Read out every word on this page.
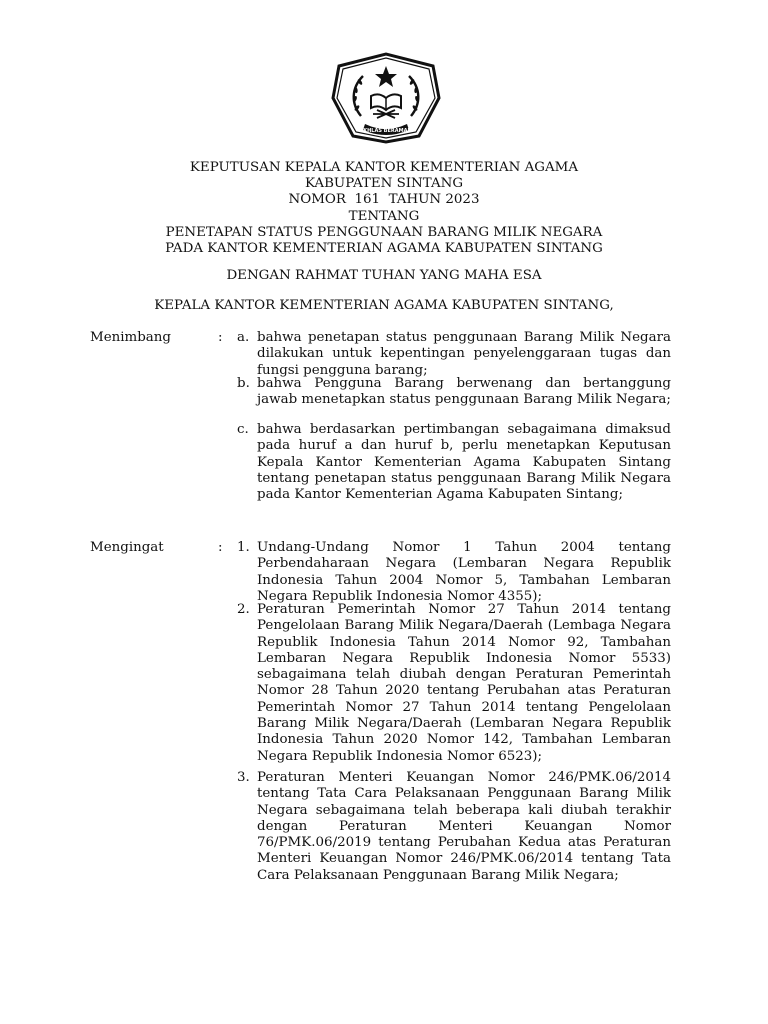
IKHLAS BERAMAL
KEPUTUSAN KEPALA KANTOR KEMENTERIAN AGAMA
KABUPATEN SINTANG
NOMOR  161  TAHUN 2023
TENTANG
PENETAPAN STATUS PENGGUNAAN BARANG MILIK NEGARA
PADA KANTOR KEMENTERIAN AGAMA KABUPATEN SINTANG
DENGAN RAHMAT TUHAN YANG MAHA ESA
KEPALA KANTOR KEMENTERIAN AGAMA KABUPATEN SINTANG,
Menimbang	: a. bahwa penetapan status penggunaan Barang Milik Negara dilakukan untuk kepentingan penyelenggaraan tugas dan fungsi pengguna barang;
b. bahwa Pengguna Barang berwenang dan bertanggung jawab menetapkan status penggunaan Barang Milik Negara;
c. bahwa berdasarkan pertimbangan sebagaimana dimaksud pada huruf a dan huruf b, perlu menetapkan Keputusan Kepala Kantor Kementerian Agama Kabupaten Sintang tentang penetapan status penggunaan Barang Milik Negara pada Kantor Kementerian Agama Kabupaten Sintang;
Mengingat	: 1. Undang-Undang Nomor 1 Tahun 2004 tentang Perbendaharaan Negara (Lembaran Negara Republik Indonesia Tahun 2004 Nomor 5, Tambahan Lembaran Negara Republik Indonesia Nomor 4355);
2. Peraturan Pemerintah Nomor 27 Tahun 2014 tentang Pengelolaan Barang Milik Negara/Daerah (Lembaga Negara Republik Indonesia Tahun 2014 Nomor 92, Tambahan Lembaran Negara Republik Indonesia Nomor 5533) sebagaimana telah diubah dengan Peraturan Pemerintah Nomor 28 Tahun 2020 tentang Perubahan atas Peraturan Pemerintah Nomor 27 Tahun 2014 tentang Pengelolaan Barang Milik Negara/Daerah (Lembaran Negara Republik Indonesia Tahun 2020 Nomor 142, Tambahan Lembaran Negara Republik Indonesia Nomor 6523);
3. Peraturan Menteri Keuangan Nomor 246/PMK.06/2014 tentang Tata Cara Pelaksanaan Penggunaan Barang Milik Negara sebagaimana telah beberapa kali diubah terakhir dengan Peraturan Menteri Keuangan Nomor 76/PMK.06/2019 tentang Perubahan Kedua atas Peraturan Menteri Keuangan Nomor 246/PMK.06/2014 tentang Tata Cara Pelaksanaan Penggunaan Barang Milik Negara;
